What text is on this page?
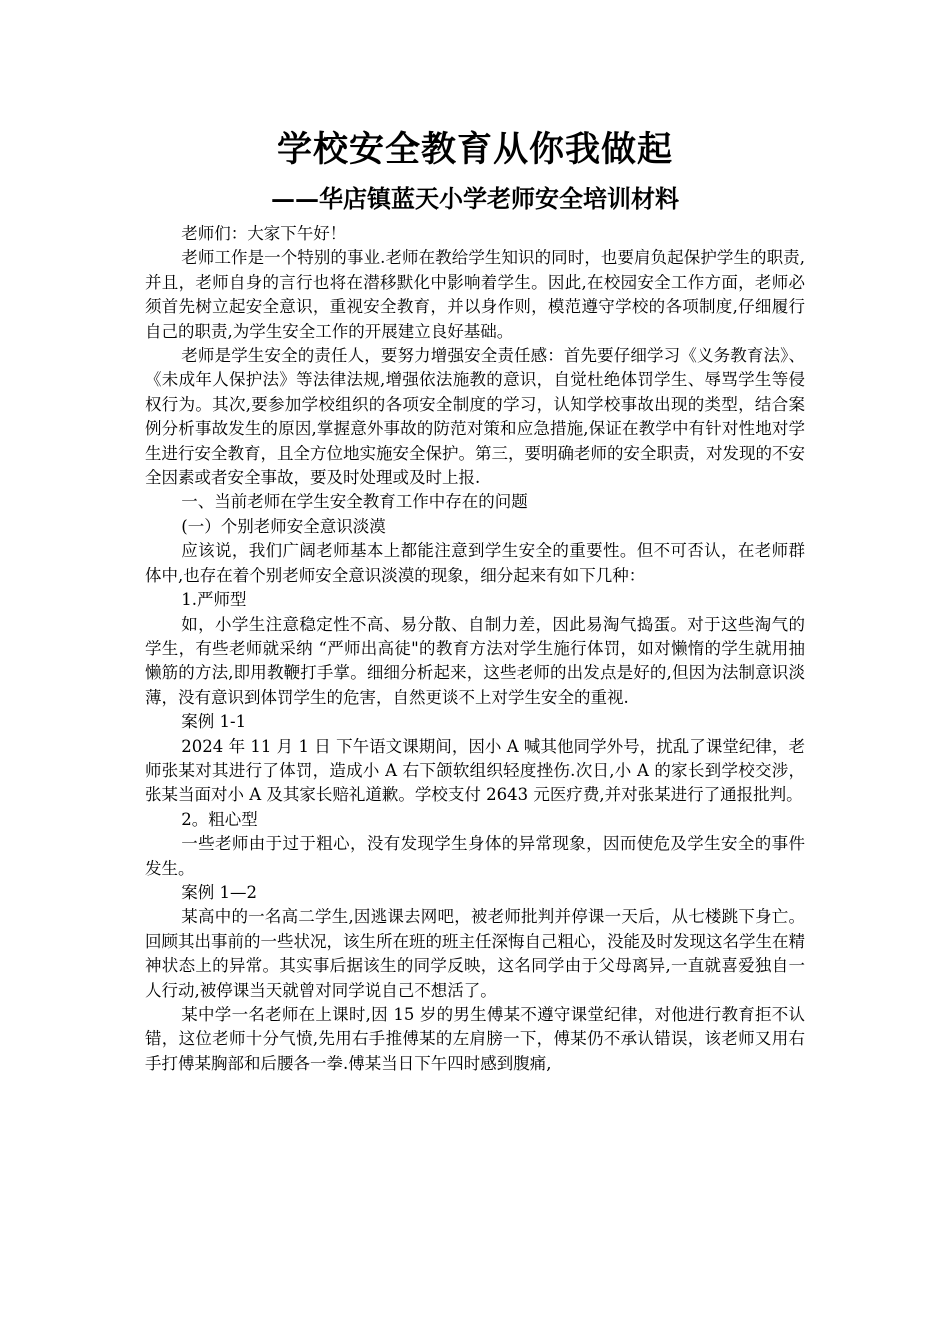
学校安全教育从你我做起
——华店镇蓝天小学老师安全培训材料

老师们：大家下午好！

老师工作是一个特别的事业.老师在教给学生知识的同时，也要肩负起保护学生的职责,并且，老师自身的言行也将在潜移默化中影响着学生。因此,在校园安全工作方面，老师必须首先树立起安全意识，重视安全教育，并以身作则，模范遵守学校的各项制度,仔细履行自己的职责,为学生安全工作的开展建立良好基础。

老师是学生安全的责任人，要努力增强安全责任感：首先要仔细学习《义务教育法》、《未成年人保护法》等法律法规,增强依法施教的意识，自觉杜绝体罚学生、辱骂学生等侵权行为。其次,要参加学校组织的各项安全制度的学习，认知学校事故出现的类型，结合案例分析事故发生的原因,掌握意外事故的防范对策和应急措施,保证在教学中有针对性地对学生进行安全教育，且全方位地实施安全保护。第三，要明确老师的安全职责，对发现的不安全因素或者安全事故，要及时处理或及时上报.

一、当前老师在学生安全教育工作中存在的问题

(一）个别老师安全意识淡漠

应该说，我们广阔老师基本上都能注意到学生安全的重要性。但不可否认，在老师群体中,也存在着个别老师安全意识淡漠的现象，细分起来有如下几种：

1.严师型

如，小学生注意稳定性不高、易分散、自制力差，因此易淘气捣蛋。对于这些淘气的学生，有些老师就采纳 “严师出高徒"的教育方法对学生施行体罚，如对懒惰的学生就用抽懒筋的方法,即用教鞭打手掌。细细分析起来，这些老师的出发点是好的,但因为法制意识淡薄，没有意识到体罚学生的危害，自然更谈不上对学生安全的重视.

案例 1-1

2024 年 11 月 1 日 下午语文课期间，因小 A 喊其他同学外号，扰乱了课堂纪律，老师张某对其进行了体罚，造成小 A 右下颌软组织轻度挫伤.次日,小 A 的家长到学校交涉，张某当面对小 A 及其家长赔礼道歉。学校支付 2643 元医疗费,并对张某进行了通报批判。

2。粗心型

一些老师由于过于粗心，没有发现学生身体的异常现象，因而使危及学生安全的事件发生。

案例 1—2

某高中的一名高二学生,因逃课去网吧，被老师批判并停课一天后，从七楼跳下身亡。回顾其出事前的一些状况，该生所在班的班主任深悔自己粗心，没能及时发现这名学生在精神状态上的异常。其实事后据该生的同学反映，这名同学由于父母离异,一直就喜爱独自一人行动,被停课当天就曾对同学说自己不想活了。

某中学一名老师在上课时,因 15 岁的男生傅某不遵守课堂纪律，对他进行教育拒不认错，这位老师十分气愤,先用右手推傅某的左肩膀一下，傅某仍不承认错误，该老师又用右手打傅某胸部和后腰各一拳.傅某当日下午四时感到腹痛,
